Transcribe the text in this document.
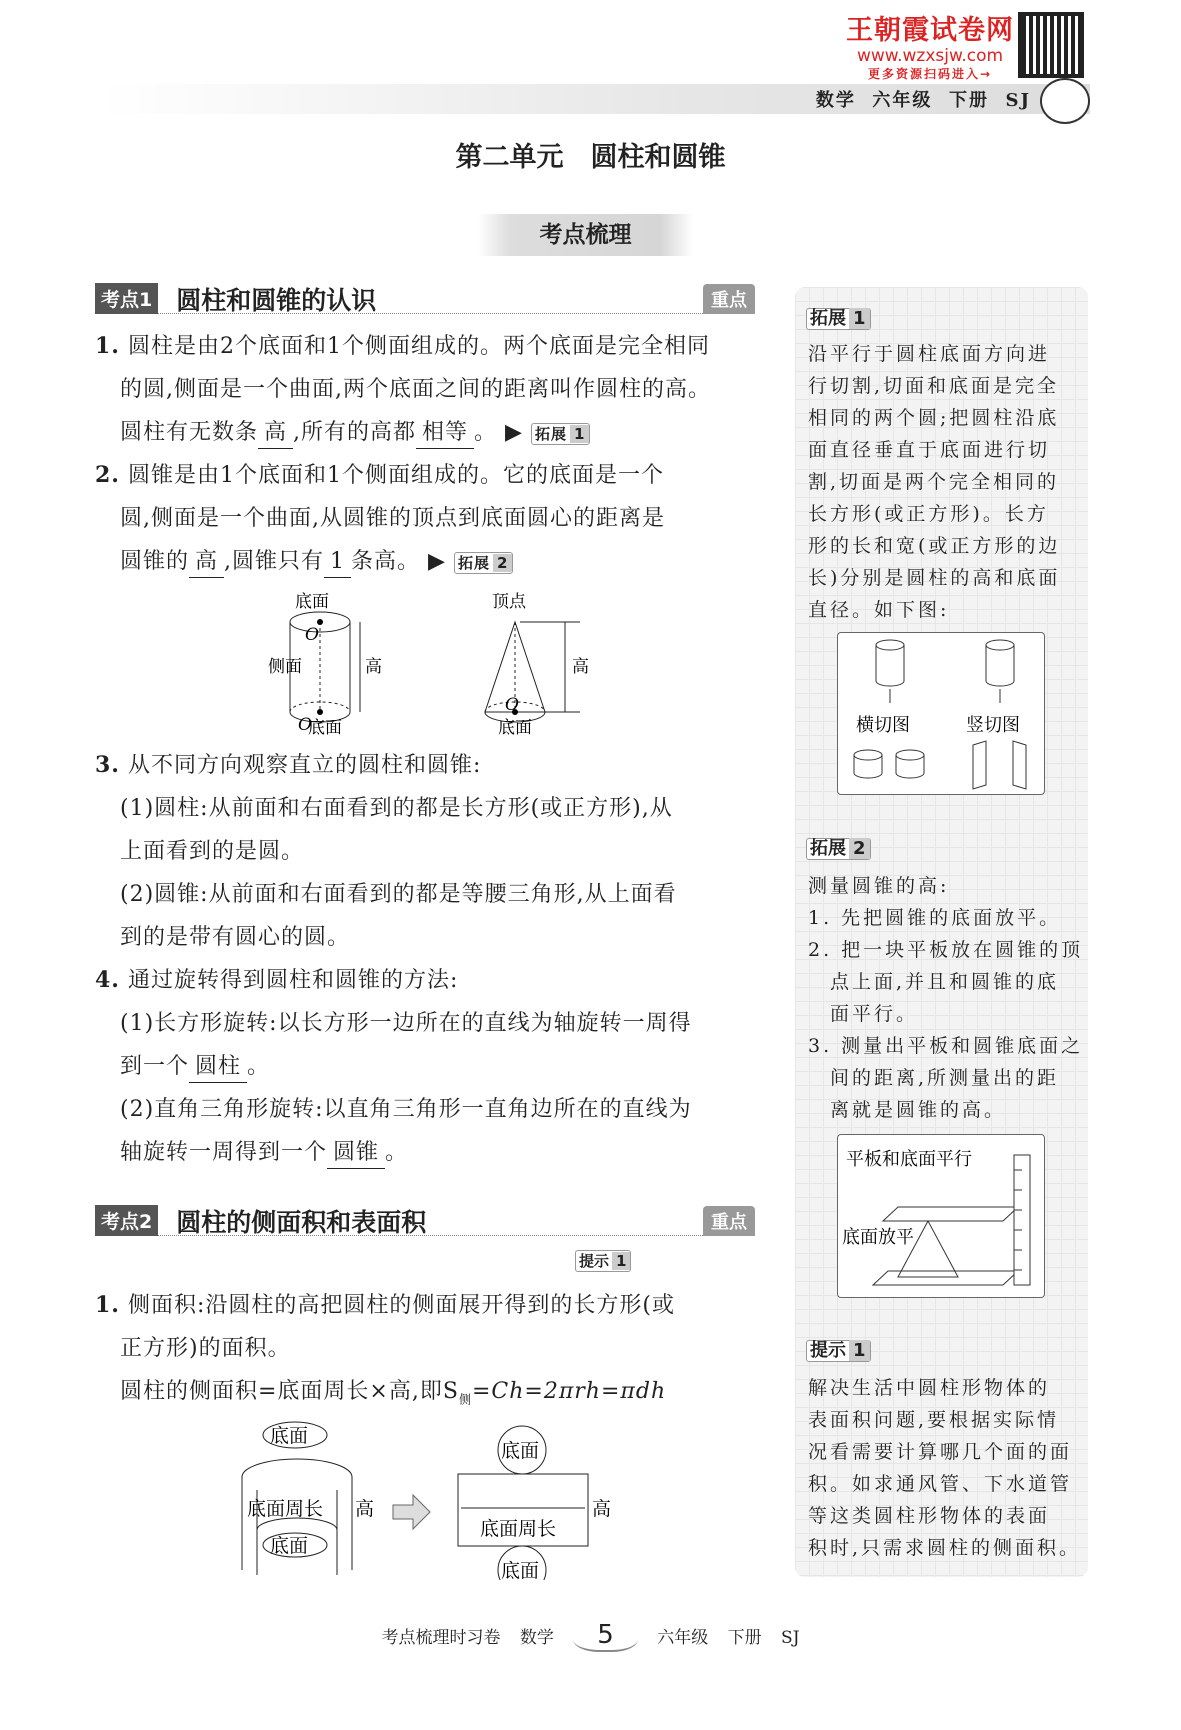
王朝霞试卷网
www.wzxsjw.com
更多资源扫码进入→
数学  六年级  下册  SJ
第二单元　圆柱和圆锥
考点梳理
考点1 圆柱和圆锥的认识	重点
1. 圆柱是由2个底面和1个侧面组成的。两个底面是完全相同
的圆,侧面是一个曲面,两个底面之间的距离叫作圆柱的高。
圆柱有无数条 高 ,所有的高都 相等 。 ▶ 拓展 1
2. 圆锥是由1个底面和1个侧面组成的。它的底面是一个
圆,侧面是一个曲面,从圆锥的顶点到底面圆心的距离是
圆锥的 高 ,圆锥只有 1 条高。 ▶ 拓展 2
底面
O
侧面	高
O
底面
顶点
高
O
底面
3. 从不同方向观察直立的圆柱和圆锥:
(1)圆柱:从前面和右面看到的都是长方形(或正方形),从
上面看到的是圆。
(2)圆锥:从前面和右面看到的都是等腰三角形,从上面看
到的是带有圆心的圆。
4. 通过旋转得到圆柱和圆锥的方法:
(1)长方形旋转:以长方形一边所在的直线为轴旋转一周得
到一个 圆柱 。
(2)直角三角形旋转:以直角三角形一直角边所在的直线为
轴旋转一周得到一个 圆锥 。
考点2 圆柱的侧面积和表面积	重点
提示 1
1. 侧面积:沿圆柱的高把圆柱的侧面展开得到的长方形(或
正方形)的面积。
圆柱的侧面积=底面周长×高,即$S_侧=Ch=2\pi rh=\pi dh$
底面
底面周长
底面
高
底面
底面周长
高
底面
拓展 1
沿平行于圆柱底面方向进
行切割,切面和底面是完全
相同的两个圆;把圆柱沿底
面直径垂直于底面进行切
割,切面是两个完全相同的
长方形(或正方形)。长方
形的长和宽(或正方形的边
长)分别是圆柱的高和底面
直径。如下图:
横切图	竖切图
拓展 2
测量圆锥的高:
1. 先把圆锥的底面放平。
2. 把一块平板放在圆锥的顶
点上面,并且和圆锥的底
面平行。
3. 测量出平板和圆锥底面之
间的距离,所测量出的距
离就是圆锥的高。
平板和底面平行
底面放平
提示 1
解决生活中圆柱形物体的
表面积问题,要根据实际情
况看需要计算哪几个面的面
积。如求通风管、下水道管
等这类圆柱形物体的表面
积时,只需求圆柱的侧面积。
考点梳理时习卷 数学 5	六年级 下册 SJ
